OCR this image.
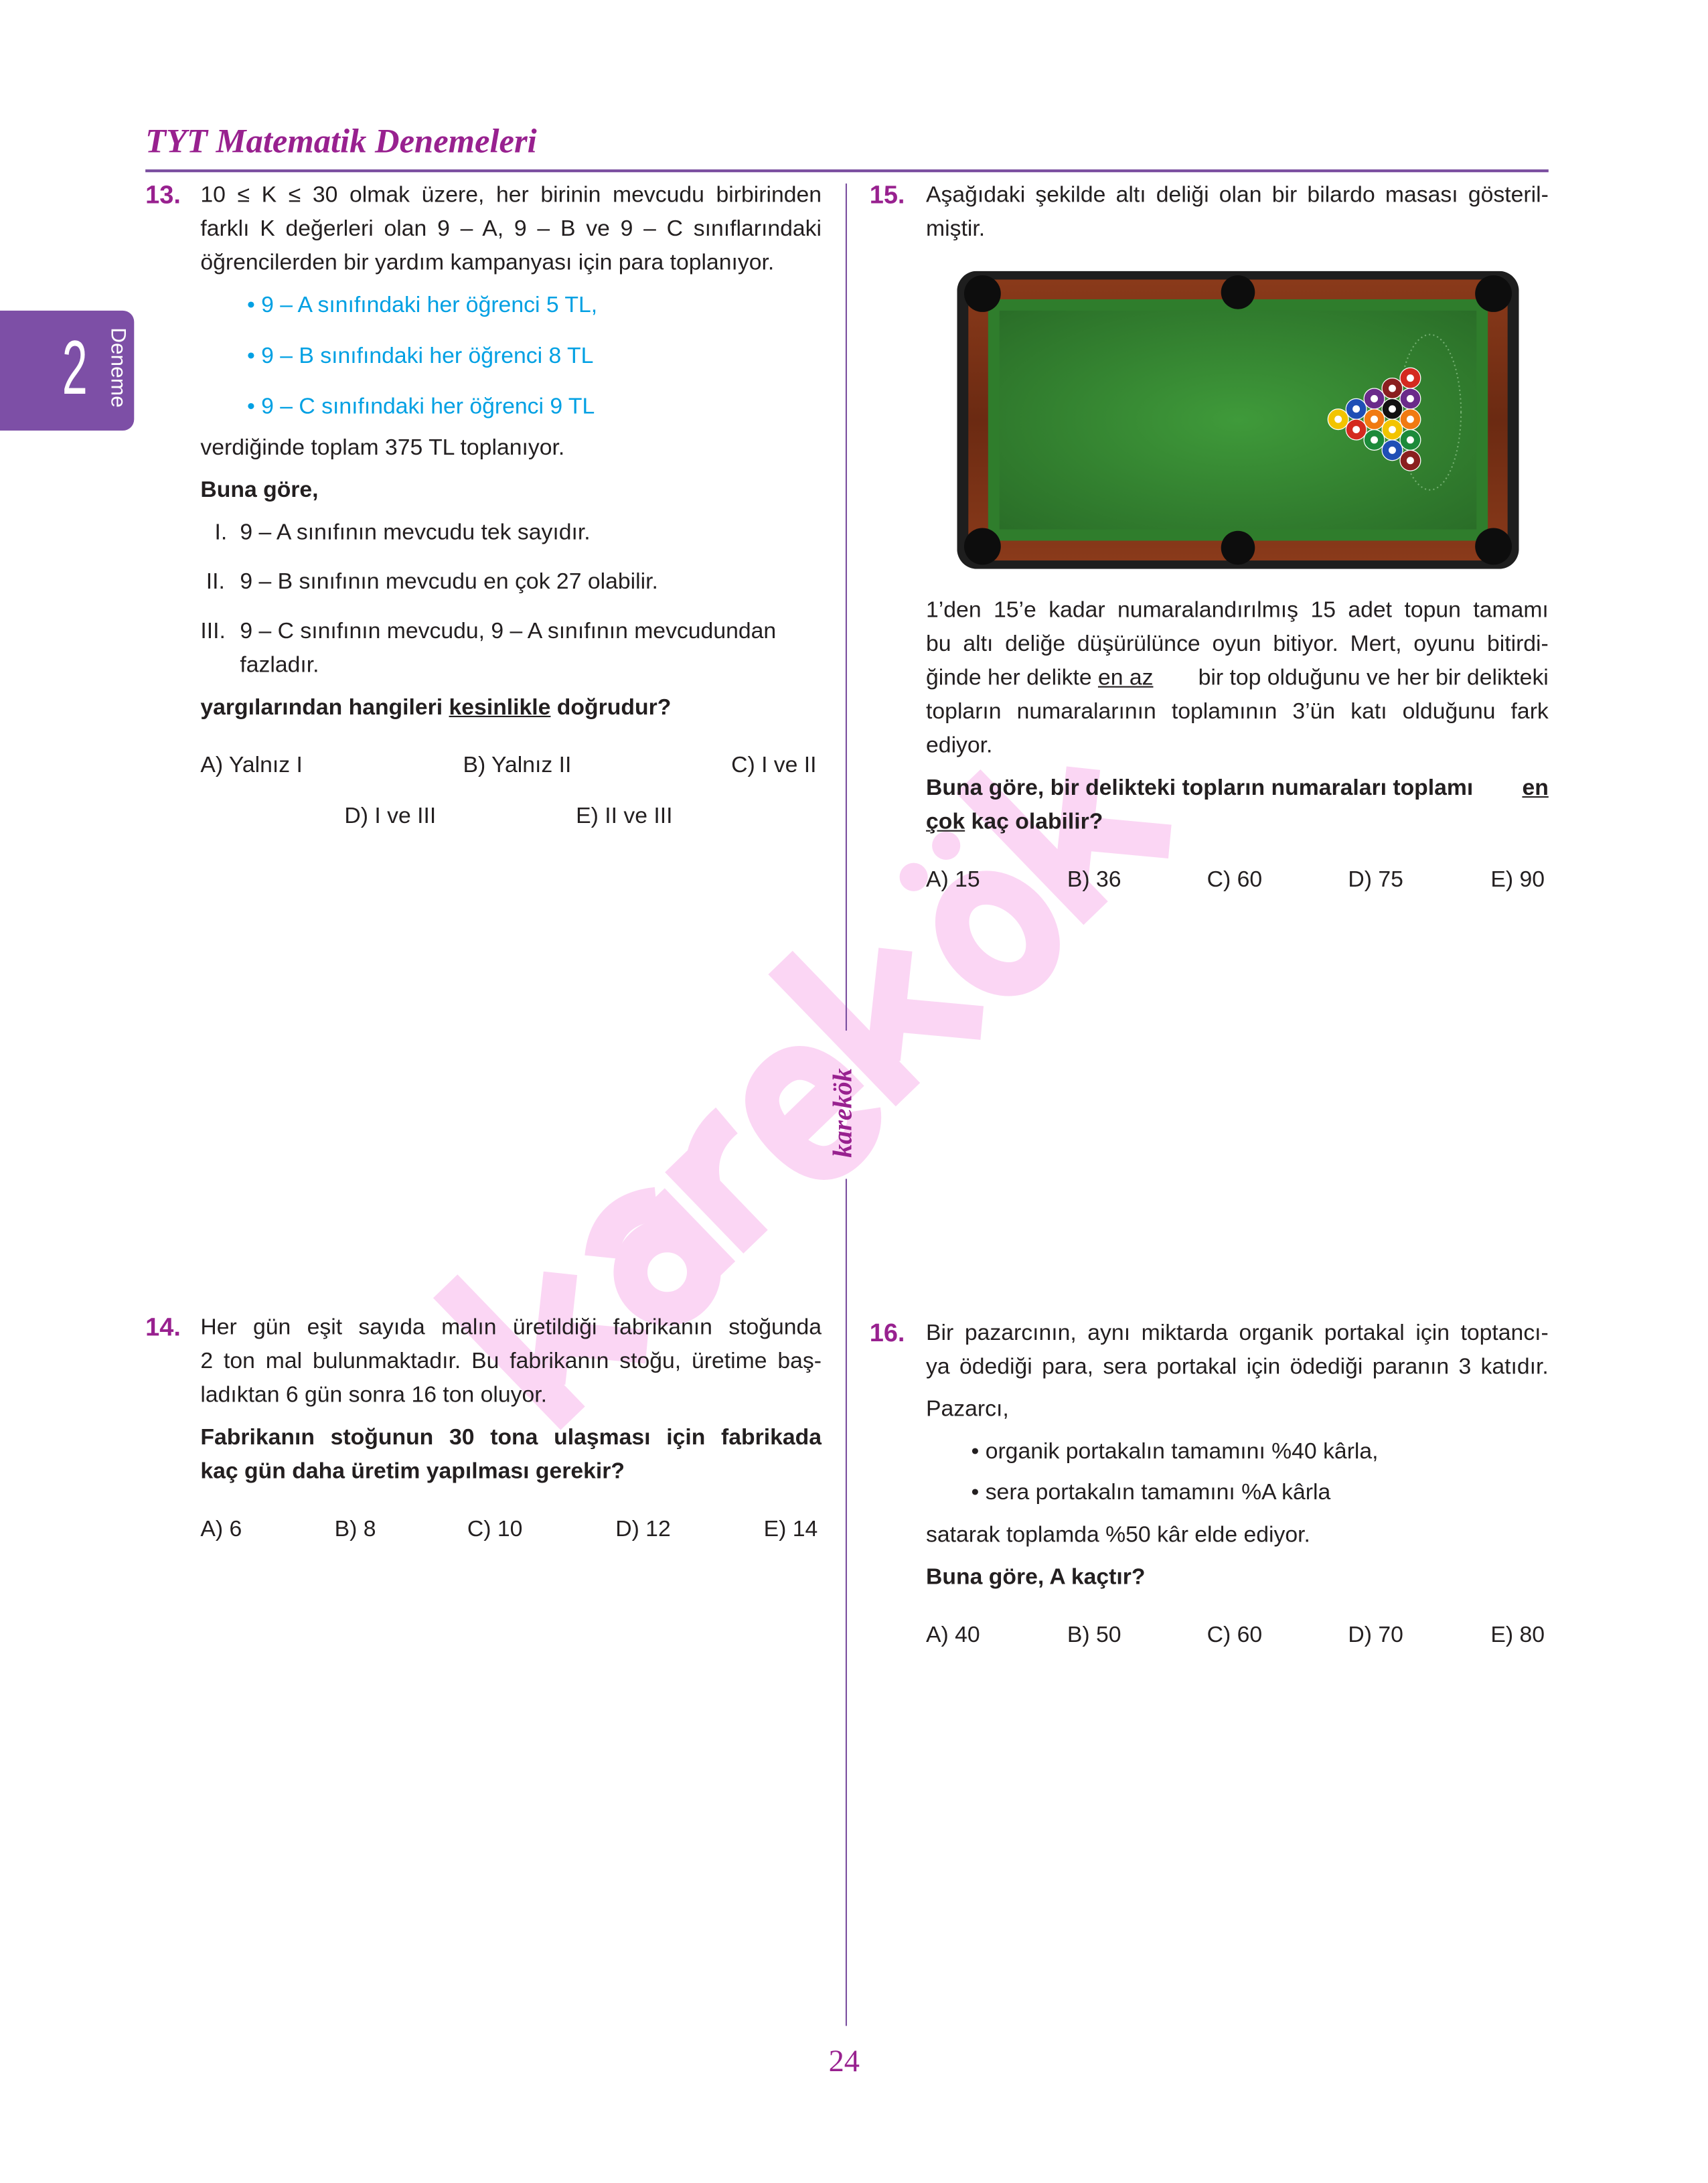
TYT Matematik Denemeleri
2 Deneme
karekök
13. 10 ≤ K ≤ 30 olmak üzere, her birinin mevcudu birbirinden
farklı K değerleri olan 9 – A, 9 – B ve 9 – C sınıflarındaki
öğrencilerden bir yardım kampanyası için para toplanıyor.
• 9 – A sınıfındaki her öğrenci 5 TL,
• 9 – B sınıfındaki her öğrenci 8 TL
• 9 – C sınıfındaki her öğrenci 9 TL
verdiğinde toplam 375 TL toplanıyor.
Buna göre,
I. 9 – A sınıfının mevcudu tek sayıdır.
II. 9 – B sınıfının mevcudu en çok 27 olabilir.
III. 9 – C sınıfının mevcudu, 9 – A sınıfının mevcudundan
fazladır.
yargılarından hangileri kesinlikle doğrudur?
A) Yalnız I	B) Yalnız II	C) I ve II
D) I ve III	E) II ve III
14. Her gün eşit sayıda malın üretildiği fabrikanın stoğunda
2 ton mal bulunmaktadır. Bu fabrikanın stoğu, üretime baş-
ladıktan 6 gün sonra 16 ton oluyor.
Fabrikanın stoğunun 30 tona ulaşması için fabrikada
kaç gün daha üretim yapılması gerekir?
A) 6	B) 8	C) 10	D) 12	E) 14
15. Aşağıdaki şekilde altı deliği olan bir bilardo masası gösteril-
miştir.
1’den 15’e kadar numaralandırılmış 15 adet topun tamamı
bu altı deliğe düşürülünce oyun bitiyor. Mert, oyunu bitirdi-
ğinde her delikte en az	bir top olduğunu ve her bir delikteki
topların numaralarının toplamının 3’ün katı olduğunu fark
ediyor.
Buna göre, bir delikteki topların numaraları toplamı	en
çok kaç olabilir?
A) 15	B) 36	C) 60	D) 75	E) 90
16. Bir pazarcının, aynı miktarda organik portakal için toptancı-
ya ödediği para, sera portakal için ödediği paranın 3 katıdır.
Pazarcı,
• organik portakalın tamamını %40 kârla,
• sera portakalın tamamını %A kârla
satarak toplamda %50 kâr elde ediyor.
Buna göre, A kaçtır?
A) 40	B) 50	C) 60	D) 70	E) 80
24
